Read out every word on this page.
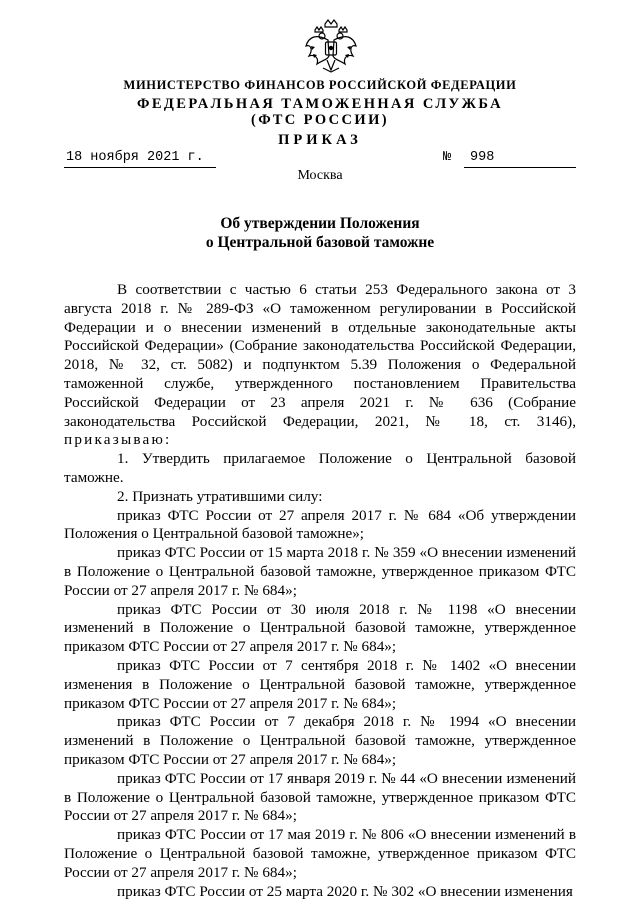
МИНИСТЕРСТВО ФИНАНСОВ РОССИЙСКОЙ ФЕДЕРАЦИИ
ФЕДЕРАЛЬНАЯ ТАМОЖЕННАЯ СЛУЖБА
(ФТС РОССИИ)
ПРИКАЗ
18 ноября 2021 г.	№ 998
Москва
Об утверждении Положения
о Центральной базовой таможне

В соответствии с частью 6 статьи 253 Федерального закона от 3 августа 2018 г. № 289-ФЗ «О таможенном регулировании в Российской Федерации и о внесении изменений в отдельные законодательные акты Российской Федерации» (Собрание законодательства Российской Федерации, 2018, № 32, ст. 5082) и подпунктом 5.39 Положения о Федеральной таможенной службе, утвержденного постановлением Правительства Российской Федерации от 23 апреля 2021 г. № 636 (Собрание законодательства Российской Федерации, 2021, № 18, ст. 3146), приказываю:

1. Утвердить прилагаемое Положение о Центральной базовой таможне.

2. Признать утратившими силу:

приказ ФТС России от 27 апреля 2017 г. № 684 «Об утверждении Положения о Центральной базовой таможне»;

приказ ФТС России от 15 марта 2018 г. № 359 «О внесении изменений в Положение о Центральной базовой таможне, утвержденное приказом ФТС России от 27 апреля 2017 г. № 684»;

приказ ФТС России от 30 июля 2018 г. № 1198 «О внесении изменений в Положение о Центральной базовой таможне, утвержденное приказом ФТС России от 27 апреля 2017 г. № 684»;

приказ ФТС России от 7 сентября 2018 г. № 1402 «О внесении изменения в Положение о Центральной базовой таможне, утвержденное приказом ФТС России от 27 апреля 2017 г. № 684»;

приказ ФТС России от 7 декабря 2018 г. № 1994 «О внесении изменений в Положение о Центральной базовой таможне, утвержденное приказом ФТС России от 27 апреля 2017 г. № 684»;

приказ ФТС России от 17 января 2019 г. № 44 «О внесении изменений в Положение о Центральной базовой таможне, утвержденное приказом ФТС России от 27 апреля 2017 г. № 684»;

приказ ФТС России от 17 мая 2019 г. № 806 «О внесении изменений в Положение о Центральной базовой таможне, утвержденное приказом ФТС России от 27 апреля 2017 г. № 684»;

приказ ФТС России от 25 марта 2020 г. № 302 «О внесении изменения
